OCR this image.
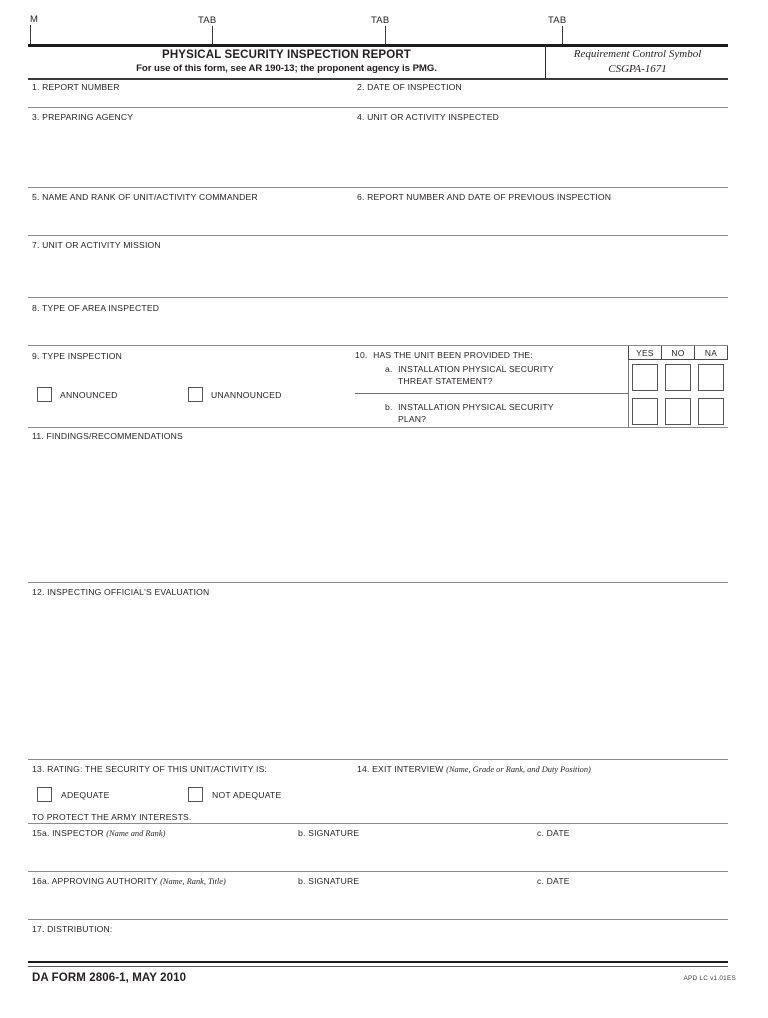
M	TAB	TAB	TAB
PHYSICAL SECURITY INSPECTION REPORT
For use of this form, see AR 190-13; the proponent agency is PMG.
Requirement Control Symbol
CSGPA-1671
1. REPORT NUMBER	2. DATE OF INSPECTION
3. PREPARING AGENCY	4. UNIT OR ACTIVITY INSPECTED
5. NAME AND RANK OF UNIT/ACTIVITY COMMANDER	6. REPORT NUMBER AND DATE OF PREVIOUS INSPECTION
7. UNIT OR ACTIVITY MISSION
8. TYPE OF AREA INSPECTED
9. TYPE INSPECTION
ANNOUNCED	UNANNOUNCED
10. HAS THE UNIT BEEN PROVIDED THE:
a. INSTALLATION PHYSICAL SECURITY
THREAT STATEMENT?
b. INSTALLATION PHYSICAL SECURITY
PLAN?
YES	NO	NA
11. FINDINGS/RECOMMENDATIONS
12. INSPECTING OFFICIAL'S EVALUATION
13. RATING: THE SECURITY OF THIS UNIT/ACTIVITY IS:
ADEQUATE	NOT ADEQUATE
TO PROTECT THE ARMY INTERESTS.
14. EXIT INTERVIEW (Name, Grade or Rank, and Duty Position)
15a. INSPECTOR (Name and Rank)	b. SIGNATURE	c. DATE
16a. APPROVING AUTHORITY (Name, Rank, Title)	b. SIGNATURE	c. DATE
17. DISTRIBUTION:
DA FORM 2806-1, MAY 2010	APD LC v1.01ES
